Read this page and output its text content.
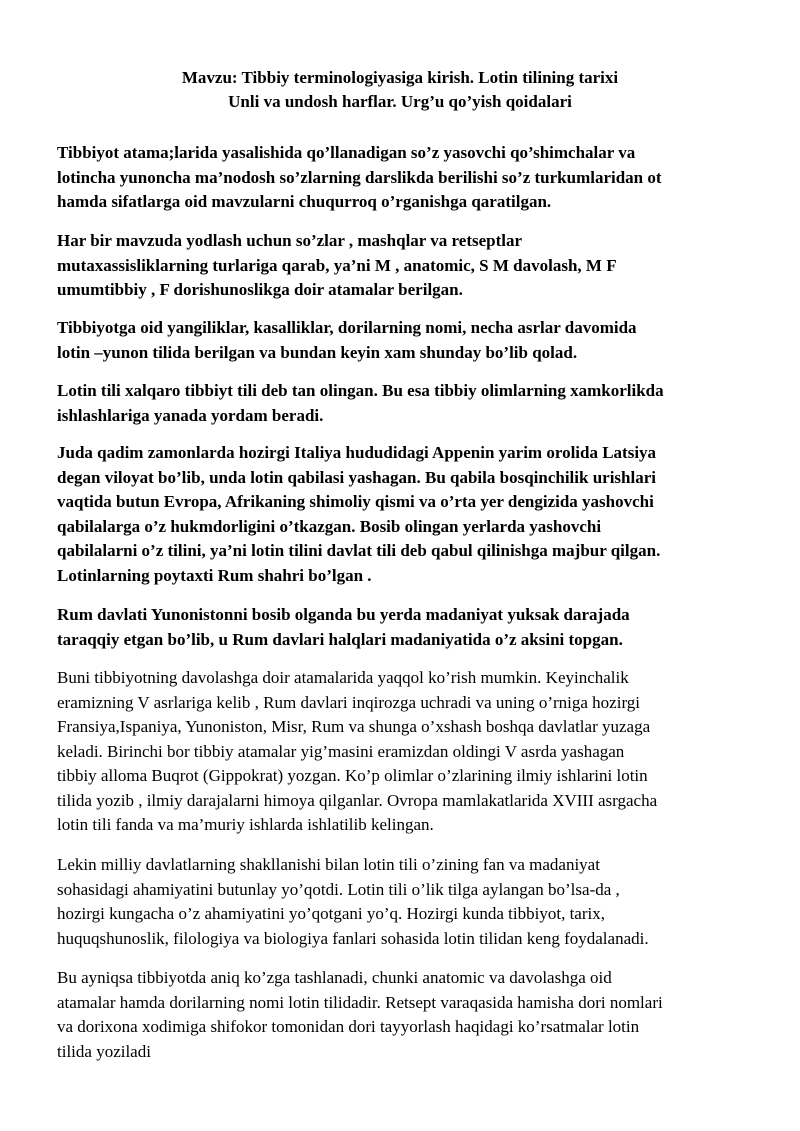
Mavzu: Tibbiy terminologiyasiga kirish. Lotin tilining tarixi
Unli va undosh harflar. Urg’u qo’yish qoidalari

Tibbiyot atama;larida yasalishida qo’llanadigan so’z yasovchi qo’shimchalar va
lotincha yunoncha ma’nodosh so’zlarning darslikda berilishi so’z turkumlaridan ot
hamda sifatlarga oid mavzularni chuqurroq o’rganishga qaratilgan.

Har bir mavzuda yodlash uchun so’zlar , mashqlar va retseptlar
mutaxassisliklarning turlariga qarab, ya’ni M , anatomic, S M davolash, M F
umumtibbiy , F dorishunoslikga doir atamalar berilgan.

Tibbiyotga oid yangiliklar, kasalliklar, dorilarning nomi, necha asrlar davomida
lotin –yunon tilida berilgan va bundan keyin xam shunday bo’lib qolad.

Lotin tili xalqaro tibbiyt tili deb tan olingan. Bu esa tibbiy olimlarning xamkorlikda
ishlashlariga yanada yordam beradi.

Juda qadim zamonlarda hozirgi Italiya hududidagi Appenin yarim orolida Latsiya
degan viloyat bo’lib, unda lotin qabilasi yashagan. Bu qabila bosqinchilik urishlari
vaqtida butun Evropa, Afrikaning shimoliy qismi va o’rta yer dengizida yashovchi
qabilalarga o’z hukmdorligini o’tkazgan. Bosib olingan yerlarda yashovchi
qabilalarni o’z tilini, ya’ni lotin tilini davlat tili deb qabul qilinishga majbur qilgan.
Lotinlarning poytaxti Rum shahri bo’lgan .

Rum davlati Yunonistonni bosib olganda bu yerda madaniyat yuksak darajada
taraqqiy etgan bo’lib, u Rum davlari halqlari madaniyatida o’z aksini topgan.

Buni tibbiyotning davolashga doir atamalarida yaqqol ko’rish mumkin. Keyinchalik
eramizning V asrlariga kelib , Rum davlari inqirozga uchradi va uning o’rniga hozirgi
Fransiya,Ispaniya, Yunoniston, Misr, Rum va shunga o’xshash boshqa davlatlar yuzaga
keladi. Birinchi bor tibbiy atamalar yig’masini eramizdan oldingi V asrda yashagan
tibbiy alloma Buqrot (Gippokrat) yozgan. Ko’p olimlar o’zlarining ilmiy ishlarini lotin
tilida yozib , ilmiy darajalarni himoya qilganlar. Ovropa mamlakatlarida XVIII asrgacha
lotin tili fanda va ma’muriy ishlarda ishlatilib kelingan.

Lekin milliy davlatlarning shakllanishi bilan lotin tili o’zining fan va madaniyat
sohasidagi ahamiyatini butunlay yo’qotdi. Lotin tili o’lik tilga aylangan bo’lsa-da ,
hozirgi kungacha o’z ahamiyatini yo’qotgani yo’q. Hozirgi kunda tibbiyot, tarix,
huquqshunoslik, filologiya va biologiya fanlari sohasida lotin tilidan keng foydalanadi.

Bu ayniqsa tibbiyotda aniq ko’zga tashlanadi, chunki anatomic va davolashga oid
atamalar hamda dorilarning nomi lotin tilidadir. Retsept varaqasida hamisha dori nomlari
va dorixona xodimiga shifokor tomonidan dori tayyorlash haqidagi ko’rsatmalar lotin
tilida yoziladi
